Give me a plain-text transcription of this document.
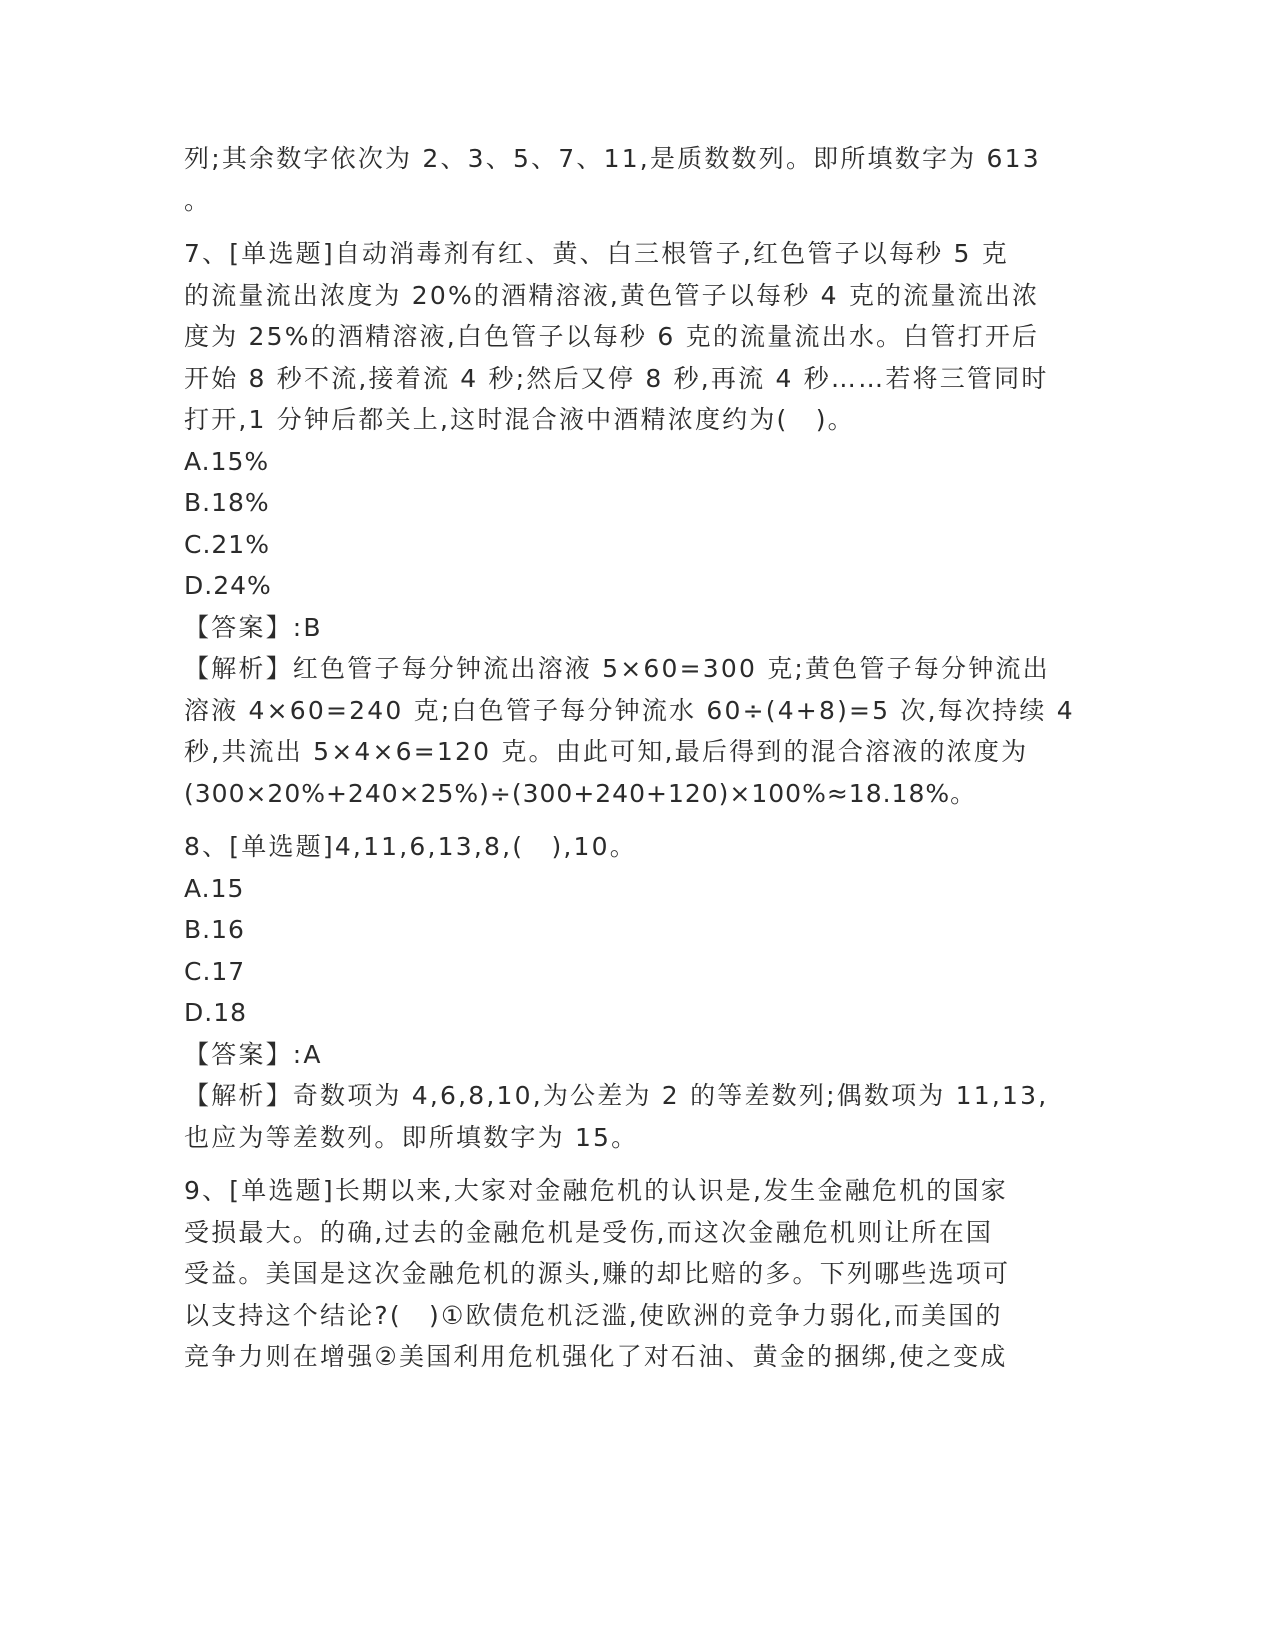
列;其余数字依次为 2、3、5、7、11,是质数数列。即所填数字为 613
。
7、[单选题]自动消毒剂有红、黄、白三根管子,红色管子以每秒 5 克
的流量流出浓度为 20%的酒精溶液,黄色管子以每秒 4 克的流量流出浓
度为 25%的酒精溶液,白色管子以每秒 6 克的流量流出水。白管打开后
开始 8 秒不流,接着流 4 秒;然后又停 8 秒,再流 4 秒……若将三管同时
打开,1 分钟后都关上,这时混合液中酒精浓度约为(　)。
A.15%
B.18%
C.21%
D.24%
【答案】:B
【解析】红色管子每分钟流出溶液 5×60=300 克;黄色管子每分钟流出
溶液 4×60=240 克;白色管子每分钟流水 60÷(4+8)=5 次,每次持续 4
秒,共流出 5×4×6=120 克。由此可知,最后得到的混合溶液的浓度为
(300×20%+240×25%)÷(300+240+120)×100%≈18.18%。
8、[单选题]4,11,6,13,8,(　),10。
A.15
B.16
C.17
D.18
【答案】:A
【解析】奇数项为 4,6,8,10,为公差为 2 的等差数列;偶数项为 11,13,
也应为等差数列。即所填数字为 15。
9、[单选题]长期以来,大家对金融危机的认识是,发生金融危机的国家
受损最大。的确,过去的金融危机是受伤,而这次金融危机则让所在国
受益。美国是这次金融危机的源头,赚的却比赔的多。下列哪些选项可
以支持这个结论?(　)①欧债危机泛滥,使欧洲的竞争力弱化,而美国的
竞争力则在增强②美国利用危机强化了对石油、黄金的捆绑,使之变成
